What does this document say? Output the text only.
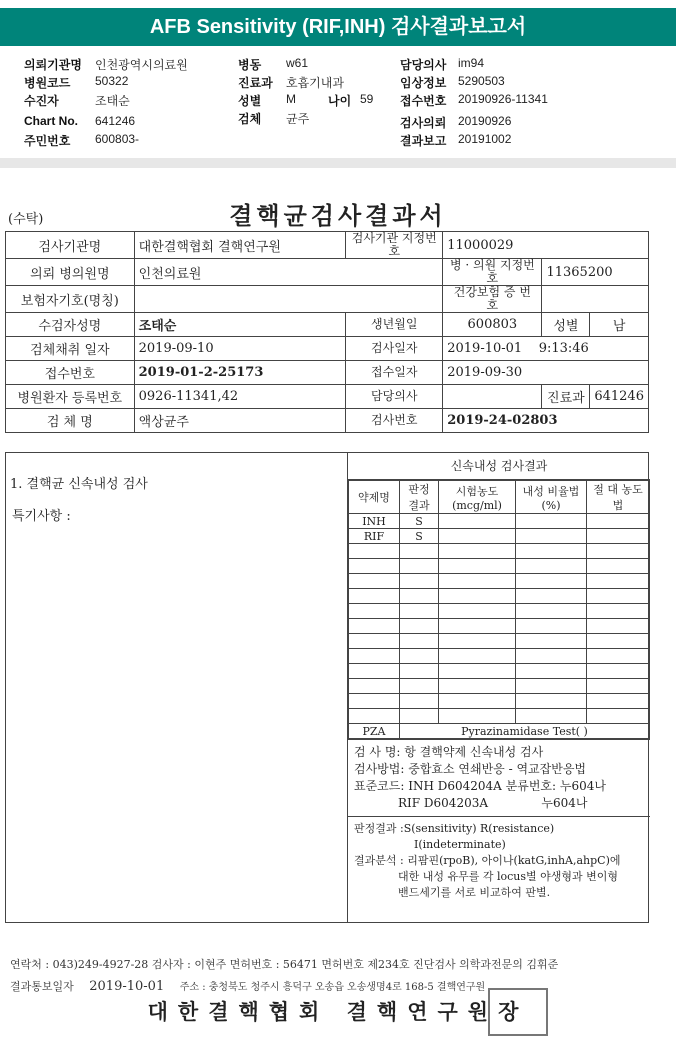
AFB Sensitivity (RIF,INH) 검사결과보고서
의뢰기관명 인천광역시의료원
병원코드 50322
수진자	조태순
Chart No. 641246
주민번호 600803-
병동 w61
진료과 호흡기내과
성별 M	나이 59
검체 균주
담당의사 im94
임상정보 5290503
접수번호 20190926-11341
검사의뢰 20190926
결과보고 20191002
(수탁)	결핵균검사결과서
검사기관명	대한결핵협회 결핵연구원	검사기관 지정번호	11000029		
의뢰 병의원명	인천의료원		병 · 의원 지정번호	11365200	
보험자기호(명칭)			건강보험 증 번 호		
수검자성명	조태순	생년월일	600803	성별	남
검체채취 일자	2019-09-10	검사일자	2019-10-01    9:13:46		
접수번호	2019-01-2-25173	접수일자	2019-09-30		
병원환자 등록번호	0926-11341,42	담당의사		진료과	641246
검 체 명	액상균주	검사번호	2019-24-02803		
1. 결핵균 신속내성 검사
특기사항 :
신속내성 검사결과
약제명	판정 결과	시험농도 (mcg/ml)	내성 비율법(%)	절 대 농도법
INH	S			
RIF	S			

PZA	Pyrazinamidase Test( )			
검 사 명: 항 결핵약제 신속내성 검사
검사방법: 중합효소 연쇄반응 - 역교잡반응법
표준코드: INH D604204A 분류번호: 누604나
RIF D604203A              누604나
판정결과 :S(sensitivity) R(resistance)
I(indeterminate)
결과분석 : 리팜핀(rpoB), 아이나(katG,inhA,ahpC)에
대한 내성 유무를 각 locus별 야생형과 변이형
밴드세기를 서로 비교하여 판별.
연락처 : 043)249-4927-28 검사자 : 이현주 면허번호 : 56471 면허번호 제234호 진단검사 의학과전문의 김휘준
결과통보일자 2019-10-01 주소 : 충청북도 청주시 흥덕구 오송읍 오송생명4로 168-5 결핵연구원
대한결핵협회 결핵연구원장
